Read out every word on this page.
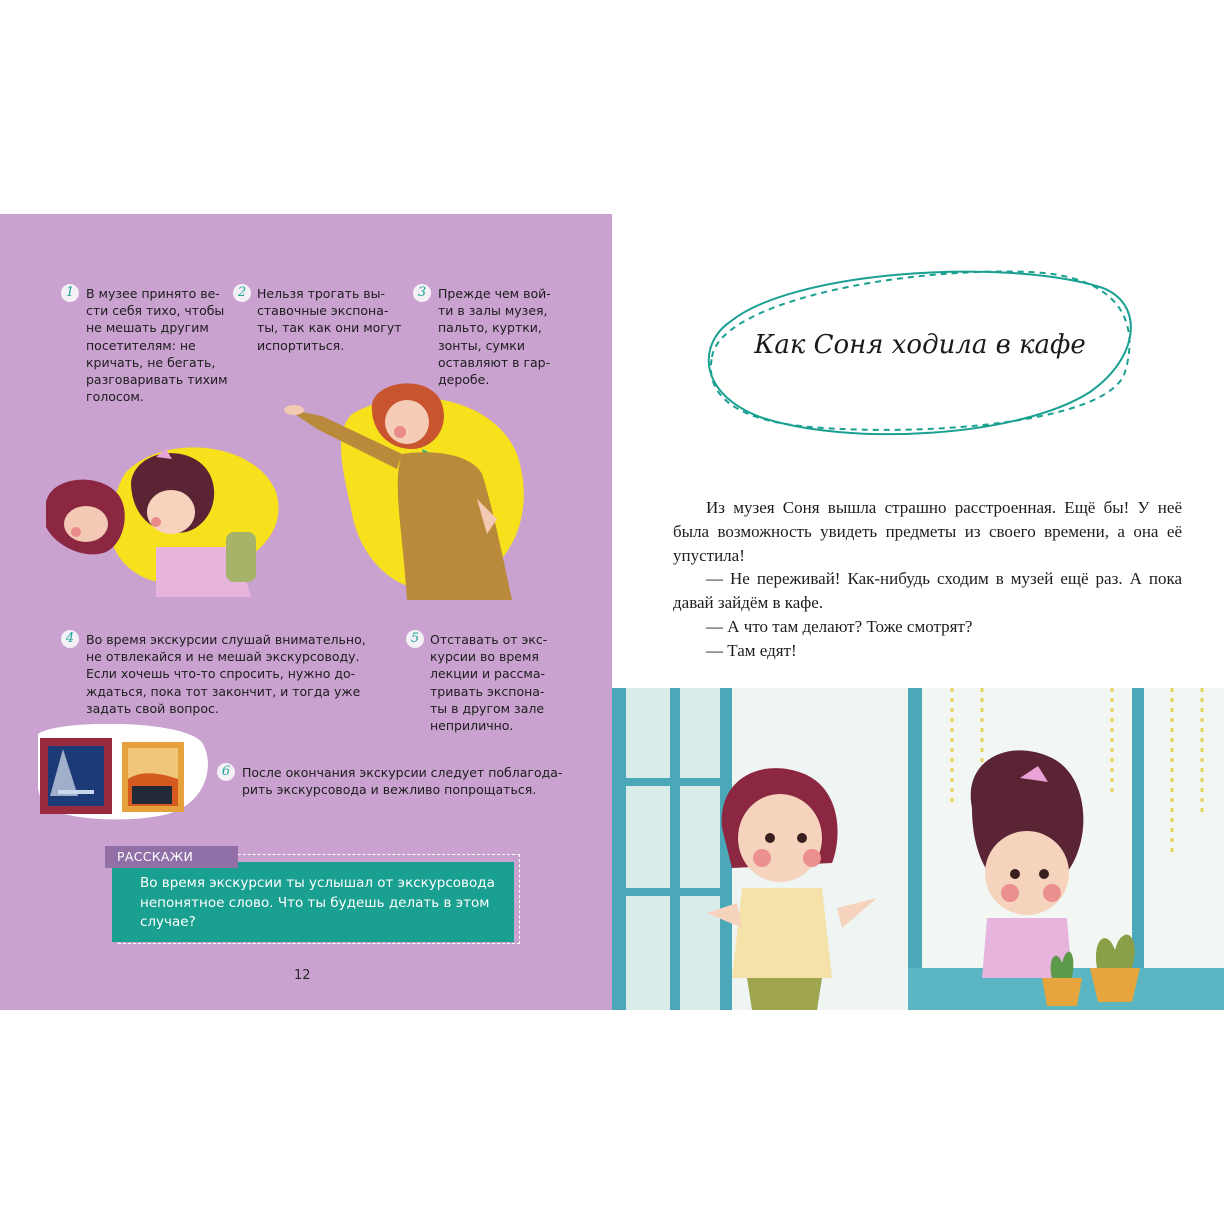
1 В музее принято ве-
сти себя тихо, чтобы
не мешать другим
посетителям: не
кричать, не бегать,
разговаривать тихим
голосом.
2 Нельзя трогать вы-
ставочные экспона-
ты, так как они могут
испортиться.
3 Прежде чем вой-
ти в залы музея,
пальто, куртки,
зонты, сумки
оставляют в гар-
деробе.
4 Во время экскурсии слушай внимательно,
не отвлекайся и не мешай экскурсоводу.
Если хочешь что-то спросить, нужно до-
ждаться, пока тот закончит, и тогда уже
задать свой вопрос.
5 Отставать от экс-
курсии во время
лекции и рассма-
тривать экспона-
ты в другом зале
неприлично.
6 После окончания экскурсии следует поблагода-
рить экскурсовода и вежливо попрощаться.
Во время экскурсии ты услышал от экскурсовода
непонятное слово. Что ты будешь делать в этом
случае?
РАССКАЖИ
12
Как Соня ходила в кафе

Из музея Соня вышла страшно расстроенная. Ещё бы! У неё была возможность увидеть предметы из своего времени, а она её упустила!

— Не переживай! Как-нибудь сходим в музей ещё раз. А пока давай зайдём в кафе.

— А что там делают? Тоже смотрят?

— Там едят!
